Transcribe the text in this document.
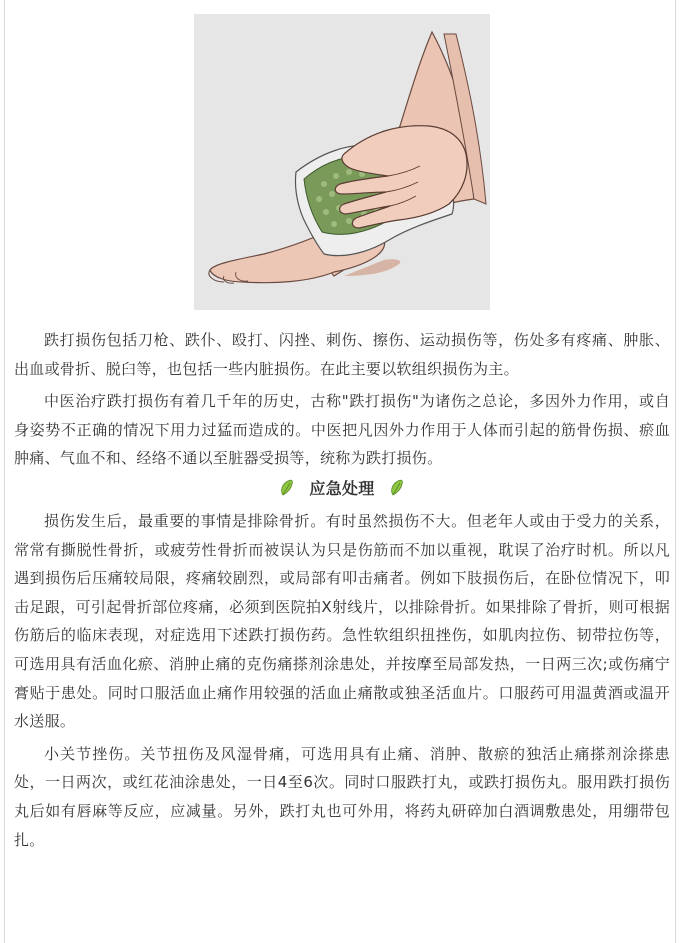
跌打损伤包括刀枪、跌仆、殴打、闪挫、刺伤、擦伤、运动损伤等，伤处多有疼痛、肿胀、出血或骨折、脱臼等，也包括一些内脏损伤。在此主要以软组织损伤为主。

中医治疗跌打损伤有着几千年的历史，古称"跌打损伤"为诸伤之总论，多因外力作用，或自身姿势不正确的情况下用力过猛而造成的。中医把凡因外力作用于人体而引起的筋骨伤损、瘀血肿痛、气血不和、经络不通以至脏器受损等，统称为跌打损伤。

应急处理

损伤发生后，最重要的事情是排除骨折。有时虽然损伤不大。但老年人或由于受力的关系，常常有撕脱性骨折，或疲劳性骨折而被误认为只是伤筋而不加以重视，耽误了治疗时机。所以凡遇到损伤后压痛较局限，疼痛较剧烈，或局部有叩击痛者。例如下肢损伤后，在卧位情况下，叩击足跟，可引起骨折部位疼痛，必须到医院拍X射线片，以排除骨折。如果排除了骨折，则可根据伤筋后的临床表现，对症选用下述跌打损伤药。急性软组织扭挫伤，如肌肉拉伤、韧带拉伤等，可选用具有活血化瘀、消肿止痛的克伤痛搽剂涂患处，并按摩至局部发热，一日两三次;或伤痛宁膏贴于患处。同时口服活血止痛作用较强的活血止痛散或独圣活血片。口服药可用温黄酒或温开水送服。

小关节挫伤。关节扭伤及风湿骨痛，可选用具有止痛、消肿、散瘀的独活止痛搽剂涂搽患处，一日两次，或红花油涂患处，一日4至6次。同时口服跌打丸，或跌打损伤丸。服用跌打损伤丸后如有唇麻等反应，应减量。另外，跌打丸也可外用，将药丸研碎加白酒调敷患处，用绷带包扎。
